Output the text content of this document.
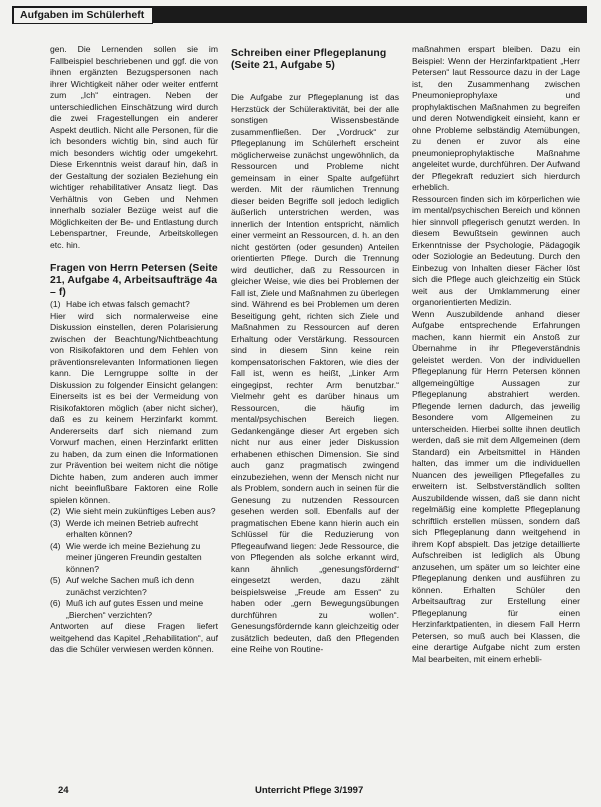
Aufgaben im Schülerheft

gen. Die Lernenden sollen sie im Fallbeispiel beschriebenen und ggf. die von ihnen ergänzten Bezugspersonen nach ihrer Wichtigkeit näher oder weiter entfernt zum „Ich“ eintragen. Neben der unterschiedlichen Einschätzung wird durch die zwei Fragestellungen ein anderer Aspekt deutlich. Nicht alle Personen, für die ich besonders wichtig bin, sind auch für mich besonders wichtig oder umgekehrt. Diese Erkenntnis weist darauf hin, daß in der Gestaltung der sozialen Beziehung ein wichtiger rehabilitativer Ansatz liegt. Das Verhältnis von Geben und Nehmen innerhalb sozialer Bezüge weist auf die Möglichkeiten der Be- und Entlastung durch Lebenspartner, Freunde, Arbeitskollegen etc. hin.

Fragen von Herrn Petersen (Seite 21, Aufgabe 4, Arbeitsaufträge 4a – f)
(1) Habe ich etwas falsch gemacht?

Hier wird sich normalerweise eine Diskussion einstellen, deren Polarisierung zwischen der Beachtung/Nichtbeachtung von Risikofaktoren und dem Fehlen von präventionsrelevanten Informationen liegen kann. Die Lerngruppe sollte in der Diskussion zu folgender Einsicht gelangen: Einerseits ist es bei der Vermeidung von Risikofaktoren möglich (aber nicht sicher), daß es zu keinem Herzinfarkt kommt. Andererseits darf sich niemand zum Vorwurf machen, einen Herzinfarkt erlitten zu haben, da zum einen die Informationen zur Prävention bei weitem nicht die nötige Dichte haben, zum anderen auch immer nicht beeinflußbare Faktoren eine Rolle spielen können.

(2) Wie sieht mein zukünftiges Leben aus?
(3) Werde ich meinen Betrieb aufrecht erhalten können?
(4) Wie werde ich meine Beziehung zu meiner jüngeren Freundin gestalten können?
(5) Auf welche Sachen muß ich denn zunächst verzichten?
(6) Muß ich auf gutes Essen und meine „Bierchen“ verzichten?

Antworten auf diese Fragen liefert weitgehend das Kapitel „Rehabilitation“, auf das die Schüler verwiesen werden können.

Schreiben einer Pflegeplanung (Seite 21, Aufgabe 5)

Die Aufgabe zur Pflegeplanung ist das Herzstück der Schüleraktivität, bei der alle sonstigen Wissensbestände zusammenfließen. Der „Vordruck“ zur Pflegeplanung im Schülerheft erscheint möglicherweise zunächst ungewöhnlich, da Ressourcen und Probleme nicht gemeinsam in einer Spalte aufgeführt werden. Mit der räumlichen Trennung dieser beiden Begriffe soll jedoch lediglich äußerlich unterstrichen werden, was innerlich der Intention entspricht, nämlich einer vermeint an Ressourcen, d. h. an den nicht gestörten (oder gesunden) Anteilen orientierten Pflege. Durch die Trennung wird deutlicher, daß zu Ressourcen in gleicher Weise, wie dies bei Problemen der Fall ist, Ziele und Maßnahmen zu überlegen sind. Während es bei Problemen um deren Beseitigung geht, richten sich Ziele und Maßnahmen zu Ressourcen auf deren Erhaltung oder Verstärkung. Ressourcen sind in diesem Sinn keine rein kompensatorischen Faktoren, wie dies der Fall ist, wenn es heißt, „Linker Arm eingegipst, rechter Arm benutzbar.“ Vielmehr geht es darüber hinaus um Ressourcen, die häufig im mental/psychischen Bereich liegen. Gedankengänge dieser Art ergeben sich nicht nur aus einer jeder Diskussion erhabenen ethischen Dimension. Sie sind auch ganz pragmatisch zwingend einzubeziehen, wenn der Mensch nicht nur als Problem, sondern auch in seinen für die Genesung zu nutzenden Ressourcen gesehen werden soll. Ebenfalls auf der pragmatischen Ebene kann hierin auch ein Schlüssel für die Reduzierung von Pflegeaufwand liegen: Jede Ressource, die von Pflegenden als solche erkannt wird, kann ähnlich „genesungsfördernd“ eingesetzt werden, dazu zählt beispielsweise „Freude am Essen“ zu haben oder „gern Bewegungsübungen durchführen zu wollen“. Genesungsfördernde kann gleichzeitig oder zusätzlich bedeuten, daß den Pflegenden eine Reihe von Routine-

maßnahmen erspart bleiben. Dazu ein Beispiel: Wenn der Herzinfarktpatient „Herr Petersen“ laut Ressource dazu in der Lage ist, den Zusammenhang zwischen Pneumonieprophylaxe und prophylaktischen Maßnahmen zu begreifen und deren Notwendigkeit einsieht, kann er ohne Probleme selbständig Atemübungen, zu denen er zuvor als eine pneumonieprophylaktische Maßnahme angeleitet wurde, durchführen. Der Aufwand der Pflegekraft reduziert sich hierdurch erheblich.

Ressourcen finden sich im körperlichen wie im mental/psychischen Bereich und können hier sinnvoll pflegerisch genutzt werden. In diesem Bewußtsein gewinnen auch Erkenntnisse der Psychologie, Pädagogik oder Soziologie an Bedeutung. Durch den Einbezug von Inhalten dieser Fächer löst sich die Pflege auch gleichzeitig ein Stück weit aus der Umklammerung einer organorientierten Medizin.

Wenn Auszubildende anhand dieser Aufgabe entsprechende Erfahrungen machen, kann hiermit ein Anstoß zur Übernahme in ihr Pflegeverständnis geleistet werden. Von der individuellen Pflegeplanung für Herrn Petersen können allgemeingültige Aussagen zur Pflegeplanung abstrahiert werden. Pflegende lernen dadurch, das jeweilig Besondere vom Allgemeinen zu unterscheiden. Hierbei sollte ihnen deutlich werden, daß sie mit dem Allgemeinen (dem Standard) ein Arbeitsmittel in Händen halten, das immer um die individuellen Nuancen des jeweiligen Pflegefalles zu erweitern ist. Selbstverständlich sollten Auszubildende wissen, daß sie dann nicht regelmäßig eine komplette Pflegeplanung schriftlich erstellen müssen, sondern daß sich Pflegeplanung dann weitgehend in ihrem Kopf abspielt. Das jetzige detaillierte Aufschreiben ist lediglich als Übung anzusehen, um später um so leichter eine Pflegeplanung denken und ausführen zu können. Erhalten Schüler den Arbeitsauftrag zur Erstellung einer Pflegeplanung für einen Herzinfarktpatienten, in diesem Fall Herrn Petersen, so muß auch bei Klassen, die eine derartige Aufgabe nicht zum ersten Mal bearbeiten, mit einem erhebli-

24	Unterricht Pflege 3/1997
